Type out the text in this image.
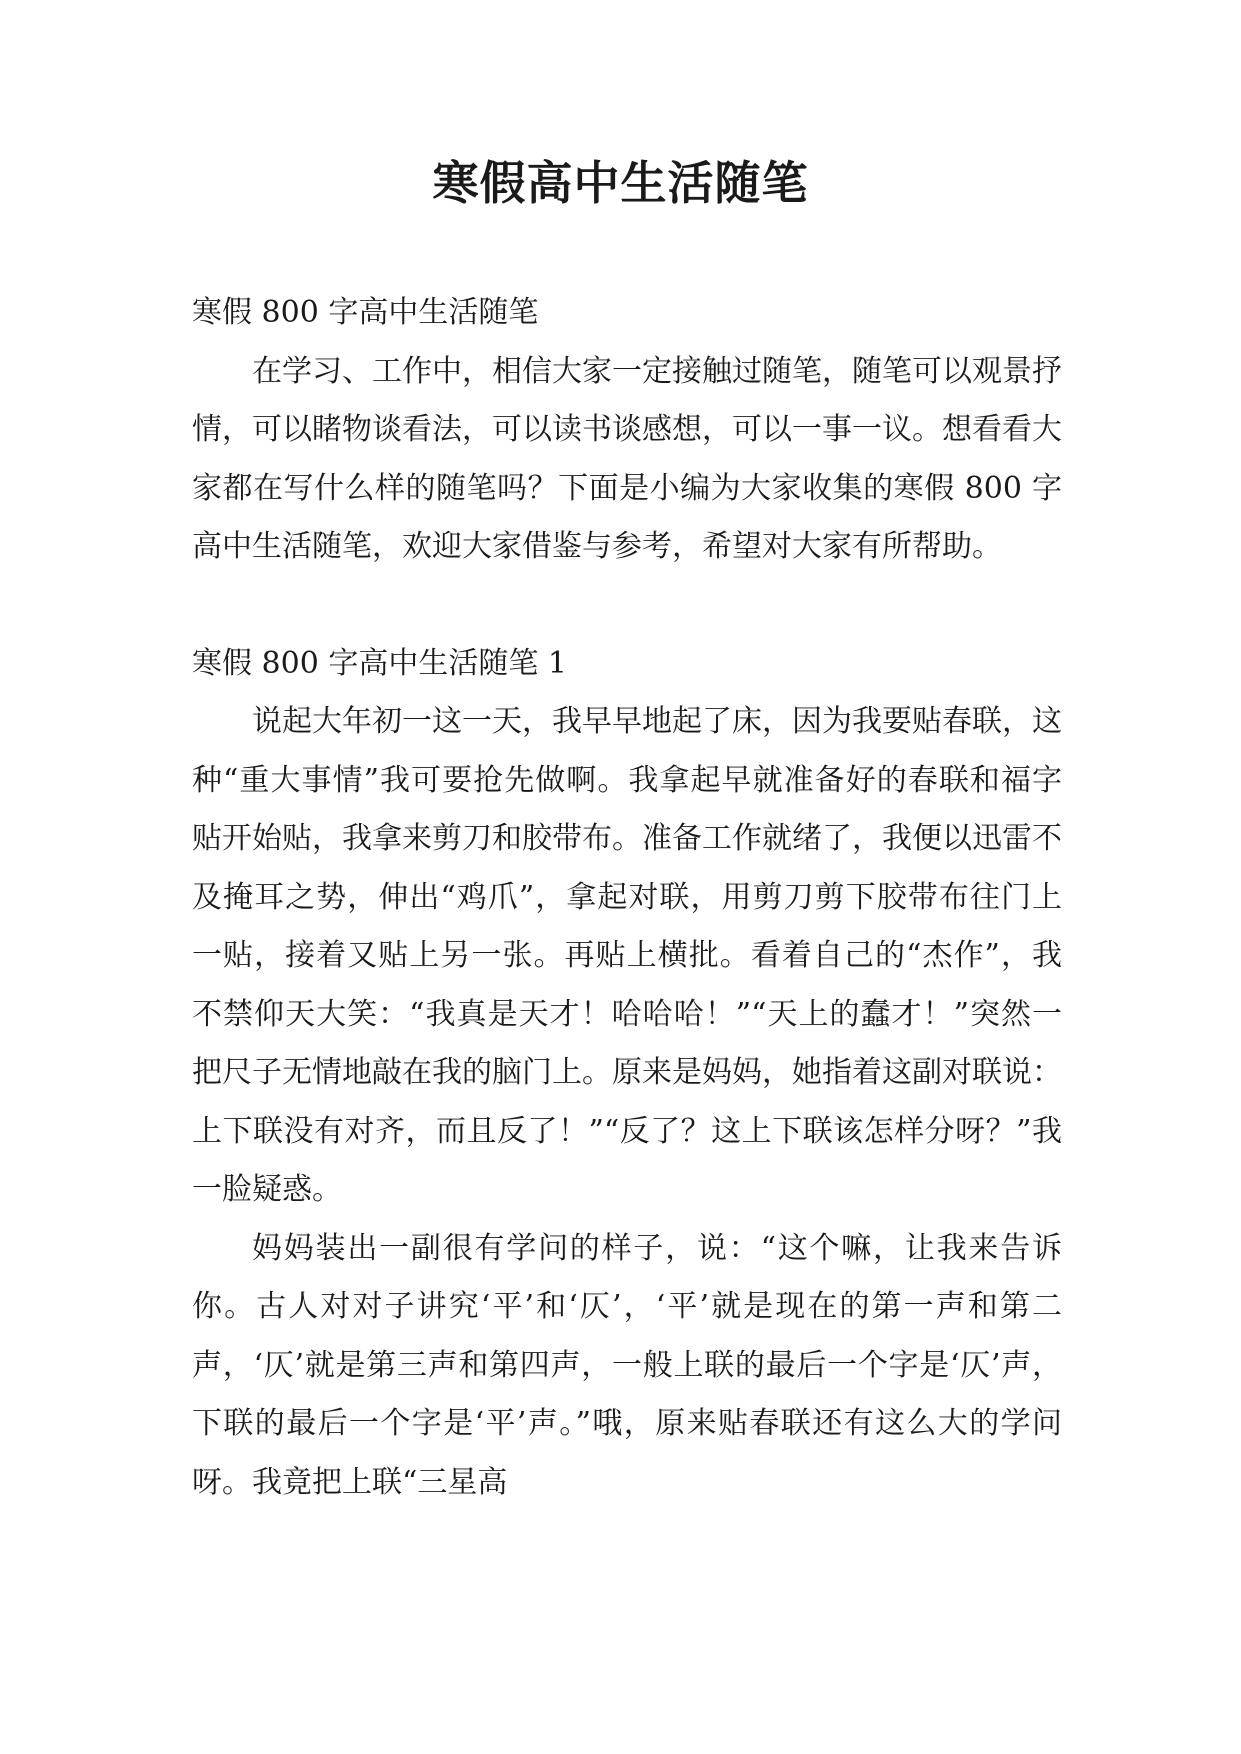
寒假高中生活随笔

寒假 800 字高中生活随笔

在学习、工作中，相信大家一定接触过随笔，随笔可以观景抒情，可以睹物谈看法，可以读书谈感想，可以一事一议。想看看大家都在写什么样的随笔吗？下面是小编为大家收集的寒假 800 字高中生活随笔，欢迎大家借鉴与参考，希望对大家有所帮助。

寒假 800 字高中生活随笔 1

说起大年初一这一天，我早早地起了床，因为我要贴春联，这种“重大事情”我可要抢先做啊。我拿起早就准备好的春联和福字贴开始贴，我拿来剪刀和胶带布。准备工作就绪了，我便以迅雷不及掩耳之势，伸出“鸡爪”，拿起对联，用剪刀剪下胶带布往门上一贴，接着又贴上另一张。再贴上横批。看着自己的“杰作”，我不禁仰天大笑：“我真是天才！哈哈哈！”“天上的蠢才！”突然一把尺子无情地敲在我的脑门上。原来是妈妈，她指着这副对联说：上下联没有对齐，而且反了！”“反了？这上下联该怎样分呀？”我一脸疑惑。

妈妈装出一副很有学问的样子，说：“这个嘛，让我来告诉你。古人对对子讲究‘平’和‘仄’，‘平’就是现在的第一声和第二声，‘仄’就是第三声和第四声，一般上联的最后一个字是‘仄’声，下联的最后一个字是‘平’声。”哦，原来贴春联还有这么大的学问呀。我竟把上联“三星高
